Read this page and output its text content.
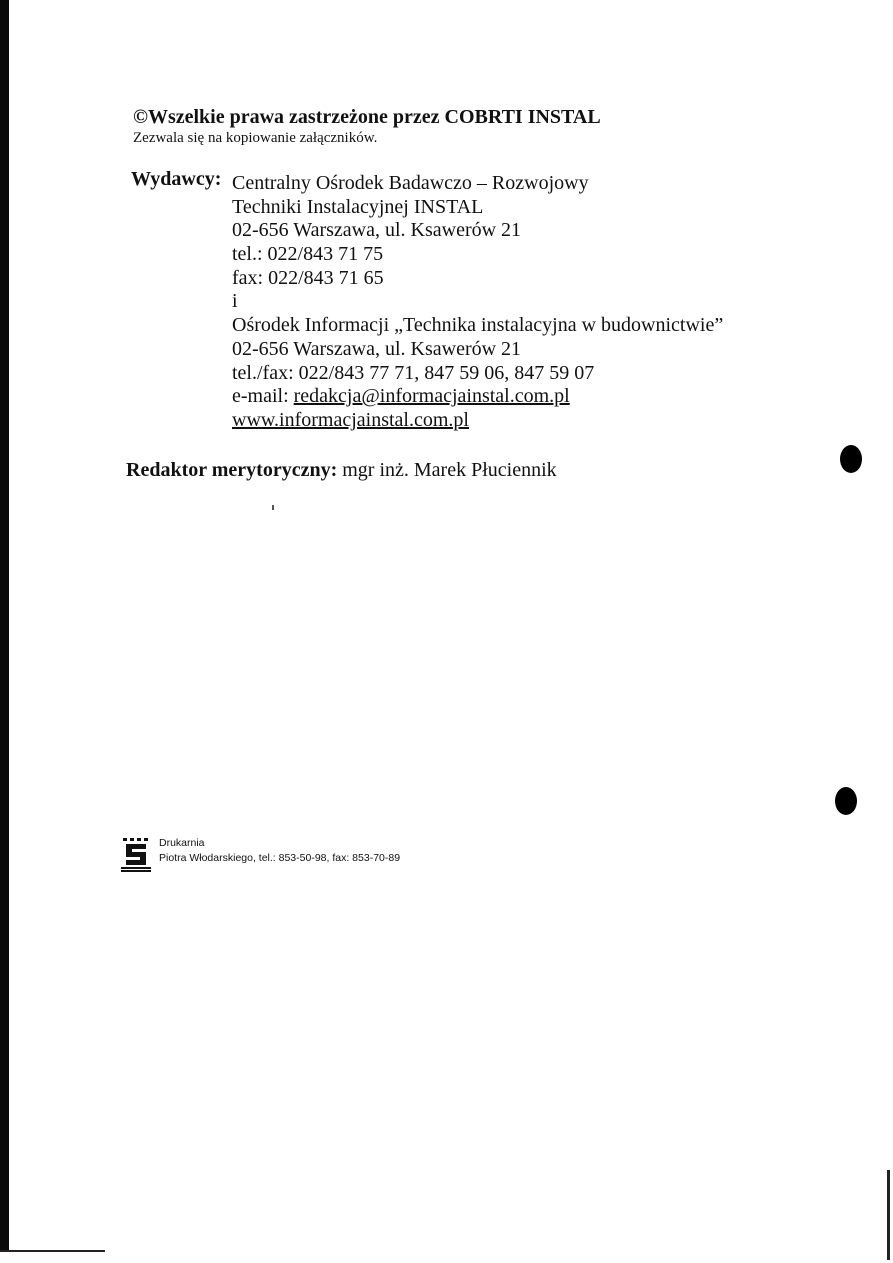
©Wszelkie prawa zastrzeżone przez COBRTI INSTAL
Zezwala się na kopiowanie załączników.
Wydawcy: Centralny Ośrodek Badawczo – Rozwojowy
Techniki Instalacyjnej INSTAL
02-656 Warszawa, ul. Ksawerów 21
tel.: 022/843 71 75
fax: 022/843 71 65
i
Ośrodek Informacji „Technika instalacyjna w budownictwie”
02-656 Warszawa, ul. Ksawerów 21
tel./fax: 022/843 77 71, 847 59 06, 847 59 07
e-mail: redakcja@informacjainstal.com.pl
www.informacjainstal.com.pl
Redaktor merytoryczny: mgr inż. Marek Płuciennik
Drukarnia
Piotra Włodarskiego, tel.: 853-50-98, fax: 853-70-89
